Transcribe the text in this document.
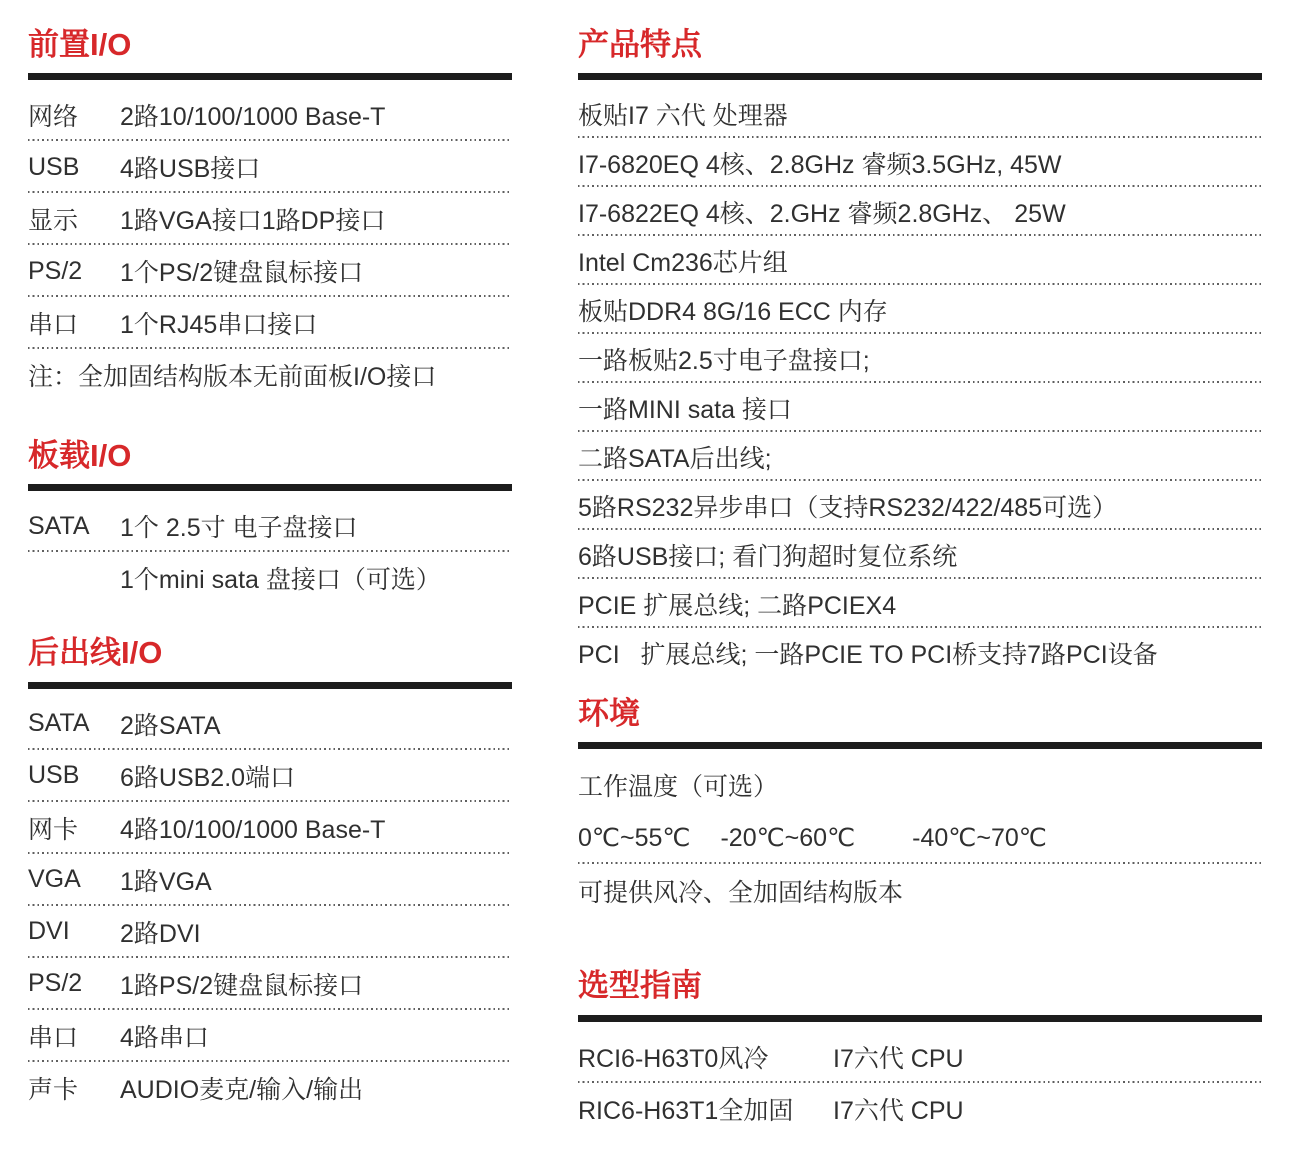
前置I/O
网络	2路10/100/1000 Base-T
USB	4路USB接口
显示	1路VGA接口1路DP接口
PS/2	1个PS/2键盘鼠标接口
串口	1个RJ45串口接口
注：全加固结构版本无前面板I/O接口
板载I/O
SATA	1个 2.5寸 电子盘接口
1个mini sata 盘接口（可选）
后出线I/O
SATA	2路SATA
USB	6路USB2.0端口
网卡	4路10/100/1000 Base-T
VGA	1路VGA
DVI	2路DVI
PS/2	1路PS/2键盘鼠标接口
串口	4路串口
声卡	AUDIO麦克/输入/输出
产品特点
板贴I7 六代 处理器
I7-6820EQ 4核、2.8GHz 睿频3.5GHz, 45W
I7-6822EQ 4核、2.GHz 睿频2.8GHz、 25W
Intel Cm236芯片组
板贴DDR4 8G/16 ECC 内存
一路板贴2.5寸电子盘接口;
一路MINI sata 接口
二路SATA后出线;
5路RS232异步串口（支持RS232/422/485可选）
6路USB接口; 看门狗超时复位系统
PCIE 扩展总线; 二路PCIEX4
PCI   扩展总线; 一路PCIE TO PCI桥支持7路PCI设备
环境
工作温度（可选）
0℃~55℃ -20℃~60℃ -40℃~70℃
可提供风冷、全加固结构版本
选型指南
RCI6-H63T0风冷	I7六代 CPU
RIC6-H63T1全加固	I7六代 CPU
